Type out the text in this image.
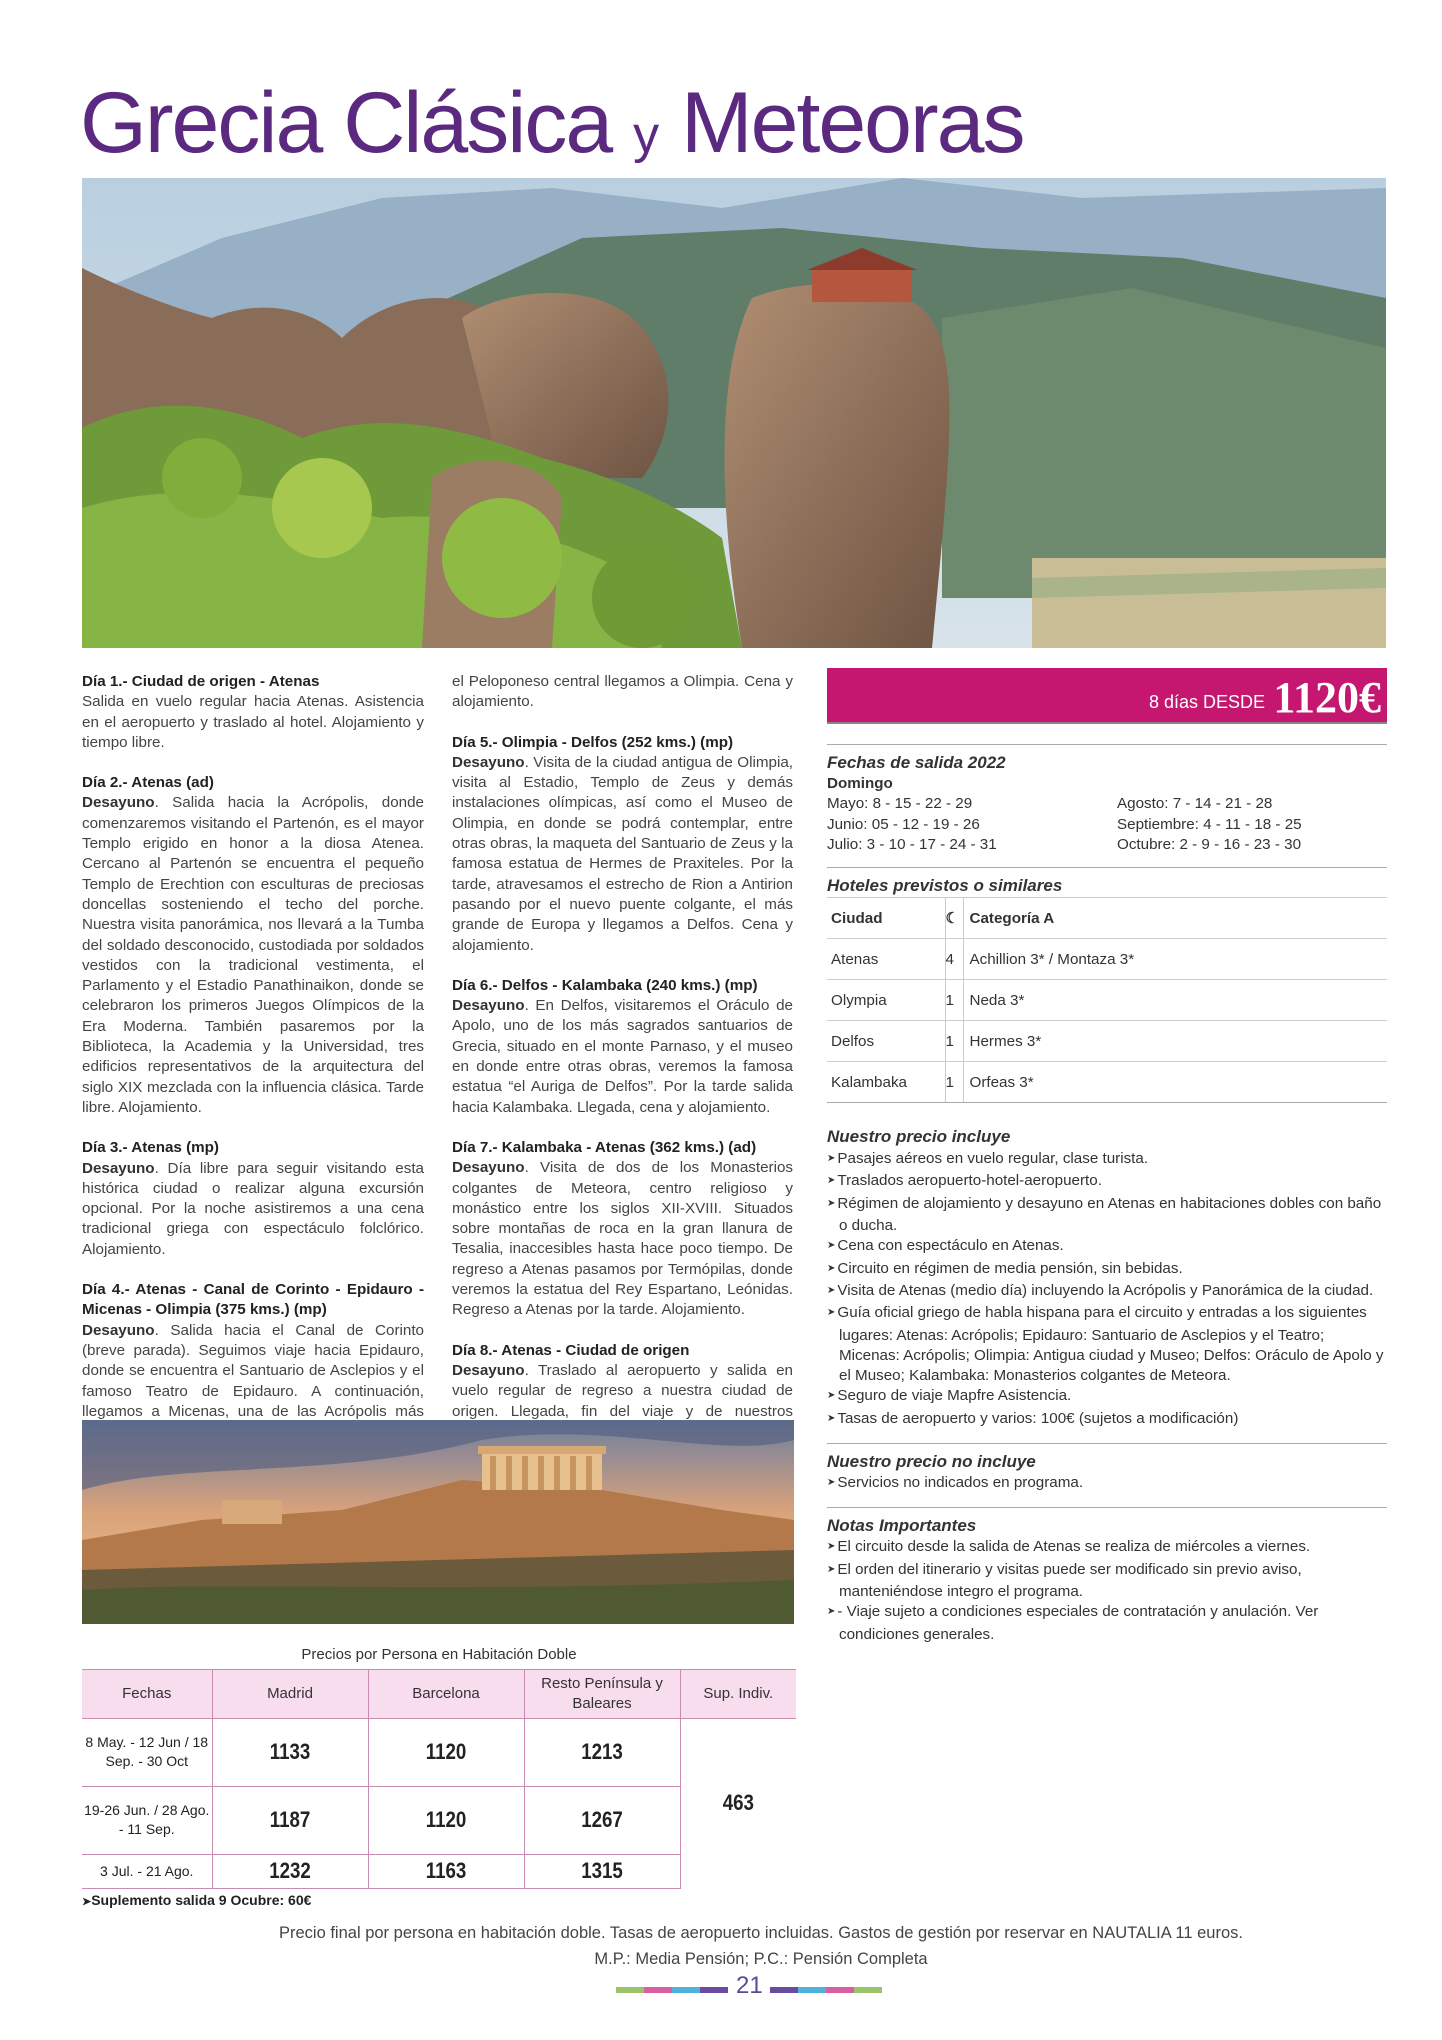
Grecia Clásica y Meteoras
Día 1.- Ciudad de origen - Atenas

Salida en vuelo regular hacia Atenas. Asistencia en el aeropuerto y traslado al hotel. Alojamiento y tiempo libre.

Día 2.- Atenas (ad)

Desayuno. Salida hacia la Acrópolis, donde comenzaremos visitando el Partenón, es el mayor Templo erigido en honor a la diosa Atenea. Cercano al Partenón se encuentra el pequeño Templo de Erechtion con esculturas de preciosas doncellas sosteniendo el techo del porche. Nuestra visita panorámica, nos llevará a la Tumba del soldado desconocido, custodiada por soldados vestidos con la tradicional vestimenta, el Parlamento y el Estadio Panathinaikon, donde se celebraron los primeros Juegos Olímpicos de la Era Moderna. También pasaremos por la Biblioteca, la Academia y la Universidad, tres edificios representativos de la arquitectura del siglo XIX mezclada con la influencia clásica. Tarde libre. Alojamiento.

Día 3.- Atenas (mp)

Desayuno. Día libre para seguir visitando esta histórica ciudad o realizar alguna excursión opcional. Por la noche asistiremos a una cena tradicional griega con espectáculo folclórico. Alojamiento.

Día 4.- Atenas - Canal de Corinto - Epidauro - Micenas - Olimpia (375 kms.) (mp)

Desayuno. Salida hacia el Canal de Corinto (breve parada). Seguimos viaje hacia Epidauro, donde se encuentra el Santuario de Asclepios y el famoso Teatro de Epidauro. A continuación, llegamos a Micenas, una de las Acrópolis más

el Peloponeso central llegamos a Olimpia. Cena y alojamiento.

Día 5.- Olimpia - Delfos (252 kms.) (mp)

Desayuno. Visita de la ciudad antigua de Olimpia, visita al Estadio, Templo de Zeus y demás instalaciones olímpicas, así como el Museo de Olimpia, en donde se podrá contemplar, entre otras obras, la maqueta del Santuario de Zeus y la famosa estatua de Hermes de Praxiteles. Por la tarde, atravesamos el estrecho de Rion a Antirion pasando por el nuevo puente colgante, el más grande de Europa y llegamos a Delfos. Cena y alojamiento.

Día 6.- Delfos - Kalambaka (240 kms.) (mp)

Desayuno. En Delfos, visitaremos el Oráculo de Apolo, uno de los más sagrados santuarios de Grecia, situado en el monte Parnaso, y el museo en donde entre otras obras, veremos la famosa estatua “el Auriga de Delfos”. Por la tarde salida hacia Kalambaka. Llegada, cena y alojamiento.

Día 7.- Kalambaka - Atenas (362 kms.) (ad)

Desayuno. Visita de dos de los Monasterios colgantes de Meteora, centro religioso y monástico entre los siglos XII-XVIII. Situados sobre montañas de roca en la gran llanura de Tesalia, inaccesibles hasta hace poco tiempo. De regreso a Atenas pasamos por Termópilas, donde veremos la estatua del Rey Espartano, Leónidas. Regreso a Atenas por la tarde. Alojamiento.

Día 8.- Atenas - Ciudad de origen

Desayuno. Traslado al aeropuerto y salida en vuelo regular de regreso a nuestra ciudad de origen. Llegada, fin del viaje y de nuestros

Precios por Persona en Habitación Doble
Fechas	Madrid	Barcelona	Resto Península y Baleares	Sup. Indiv.
8 May. - 12 Jun / 18 Sep. - 30 Oct	1133	1120	1213	463
19-26 Jun. / 28 Ago. - 11 Sep.	1187	1120	1267	
3 Jul. - 21 Ago.	1232	1163	1315	
➤Suplemento salida 9 Ocubre: 60€
8 días DESDE 1120€
Fechas de salida 2022
Domingo
Mayo: 8 - 15 - 22 - 29
Junio: 05 - 12 - 19 - 26
Julio: 3 - 10 - 17 - 24 - 31
Agosto: 7 - 14 - 21 - 28
Septiembre: 4 - 11 - 18 - 25
Octubre: 2 - 9 - 16 - 23 - 30
Hoteles previstos o similares
Ciudad	☾	Categoría A
Atenas	4	Achillion 3* / Montaza 3*
Olympia	1	Neda 3*
Delfos	1	Hermes 3*
Kalambaka	1	Orfeas 3*
Nuestro precio incluye
➤ Pasajes aéreos en vuelo regular, clase turista.
➤ Traslados aeropuerto-hotel-aeropuerto.
➤ Régimen de alojamiento y desayuno en Atenas en habitaciones dobles con baño o ducha.
➤ Cena con espectáculo en Atenas.
➤ Circuito en régimen de media pensión, sin bebidas.
➤ Visita de Atenas (medio día) incluyendo la Acrópolis y Panorámica de la ciudad.
➤ Guía oficial griego de habla hispana para el circuito y entradas a los siguientes lugares: Atenas: Acrópolis; Epidauro: Santuario de Asclepios y el Teatro; Micenas: Acrópolis; Olimpia: Antigua ciudad y Museo; Delfos: Oráculo de Apolo y el Museo; Kalambaka: Monasterios colgantes de Meteora.
➤ Seguro de viaje Mapfre Asistencia.
➤ Tasas de aeropuerto y varios: 100€ (sujetos a modificación)
Nuestro precio no incluye
➤ Servicios no indicados en programa.
Notas Importantes
➤ El circuito desde la salida de Atenas se realiza de miércoles a viernes.
➤ El orden del itinerario y visitas puede ser modificado sin previo aviso, manteniéndose integro el programa.
➤ - Viaje sujeto a condiciones especiales de contratación y anulación. Ver condiciones generales.
Precio final por persona en habitación doble. Tasas de aeropuerto incluidas. Gastos de gestión por reservar en NAUTALIA 11 euros.
M.P.: Media Pensión; P.C.: Pensión Completa
21
